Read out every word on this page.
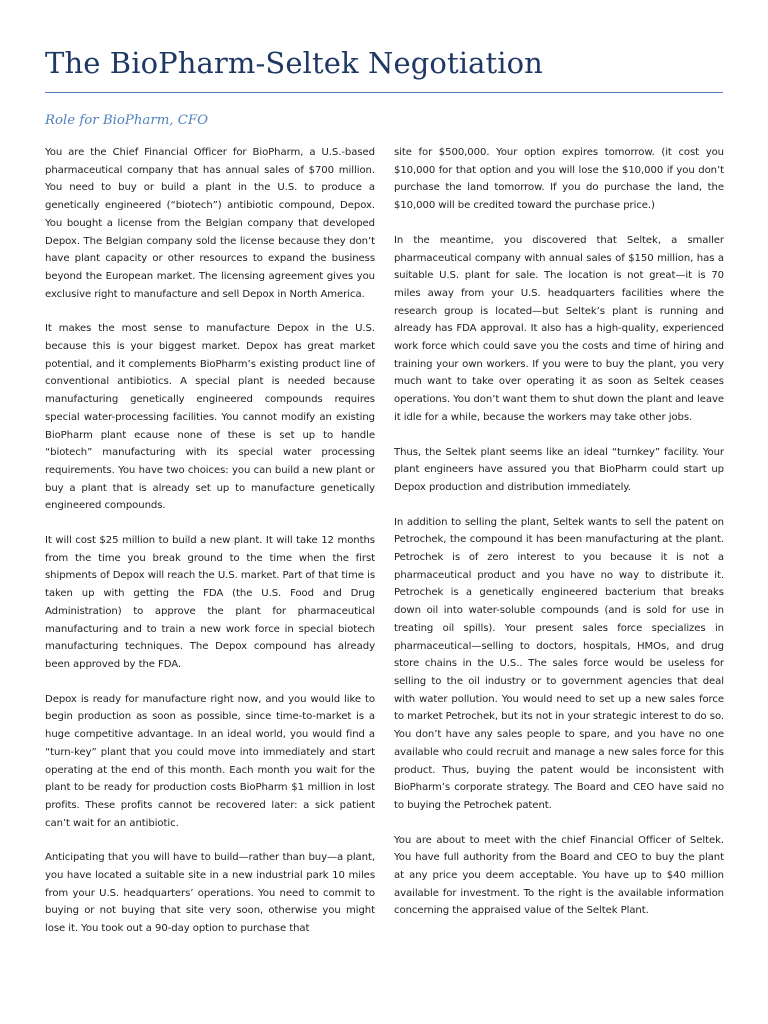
The BioPharm-Seltek Negotiation
Role for BioPharm, CFO

You are the Chief Financial Officer for BioPharm, a U.S.-based pharmaceutical company that has annual sales of $700 million. You need to buy or build a plant in the U.S. to produce a genetically engineered (“biotech”) antibiotic compound, Depox. You bought a license from the Belgian company that developed Depox. The Belgian company sold the license because they don’t have plant capacity or other resources to expand the business beyond the European market. The licensing agreement gives you exclusive right to manufacture and sell Depox in North America.

It makes the most sense to manufacture Depox in the U.S. because this is your biggest market. Depox has great market potential, and it complements BioPharm’s existing product line of conventional antibiotics. A special plant is needed because manufacturing genetically engineered compounds requires special water-processing facilities. You cannot modify an existing BioPharm plant ecause none of these is set up to handle “biotech” manufacturing with its special water processing requirements. You have two choices: you can build a new plant or buy a plant that is already set up to manufacture genetically engineered compounds.

It will cost $25 million to build a new plant. It will take 12 months from the time you break ground to the time when the first shipments of Depox will reach the U.S. market. Part of that time is taken up with getting the FDA (the U.S. Food and Drug Administration) to approve the plant for pharmaceutical manufacturing and to train a new work force in special biotech manufacturing techniques. The Depox compound has already been approved by the FDA.

Depox is ready for manufacture right now, and you would like to begin production as soon as possible, since time-to-market is a huge competitive advantage. In an ideal world, you would find a “turn-key” plant that you could move into immediately and start operating at the end of this month. Each month you wait for the plant to be ready for production costs BioPharm $1 million in lost profits. These profits cannot be recovered later: a sick patient can’t wait for an antibiotic.

Anticipating that you will have to build—rather than buy—a plant, you have located a suitable site in a new industrial park 10 miles from your U.S. headquarters’ operations. You need to commit to buying or not buying that site very soon, otherwise you might lose it. You took out a 90-day option to purchase that

site for $500,000. Your option expires tomorrow. (it cost you $10,000 for that option and you will lose the $10,000 if you don’t purchase the land tomorrow. If you do purchase the land, the $10,000 will be credited toward the purchase price.)

In the meantime, you discovered that Seltek, a smaller pharmaceutical company with annual sales of $150 million, has a suitable U.S. plant for sale. The location is not great—it is 70 miles away from your U.S. headquarters facilities where the research group is located—but Seltek’s plant is running and already has FDA approval. It also has a high-quality, experienced work force which could save you the costs and time of hiring and training your own workers. If you were to buy the plant, you very much want to take over operating it as soon as Seltek ceases operations. You don’t want them to shut down the plant and leave it idle for a while, because the workers may take other jobs.

Thus, the Seltek plant seems like an ideal “turnkey” facility. Your plant engineers have assured you that BioPharm could start up Depox production and distribution immediately.

In addition to selling the plant, Seltek wants to sell the patent on Petrochek, the compound it has been manufacturing at the plant. Petrochek is of zero interest to you because it is not a pharmaceutical product and you have no way to distribute it. Petrochek is a genetically engineered bacterium that breaks down oil into water-soluble compounds (and is sold for use in treating oil spills). Your present sales force specializes in pharmaceutical—selling to doctors, hospitals, HMOs, and drug store chains in the U.S.. The sales force would be useless for selling to the oil industry or to government agencies that deal with water pollution. You would need to set up a new sales force to market Petrochek, but its not in your strategic interest to do so. You don’t have any sales people to spare, and you have no one available who could recruit and manage a new sales force for this product. Thus, buying the patent would be inconsistent with BioPharm’s corporate strategy. The Board and CEO have said no to buying the Petrochek patent.

You are about to meet with the chief Financial Officer of Seltek. You have full authority from the Board and CEO to buy the plant at any price you deem acceptable. You have up to $40 million available for investment. To the right is the available information concerning the appraised value of the Seltek Plant.
